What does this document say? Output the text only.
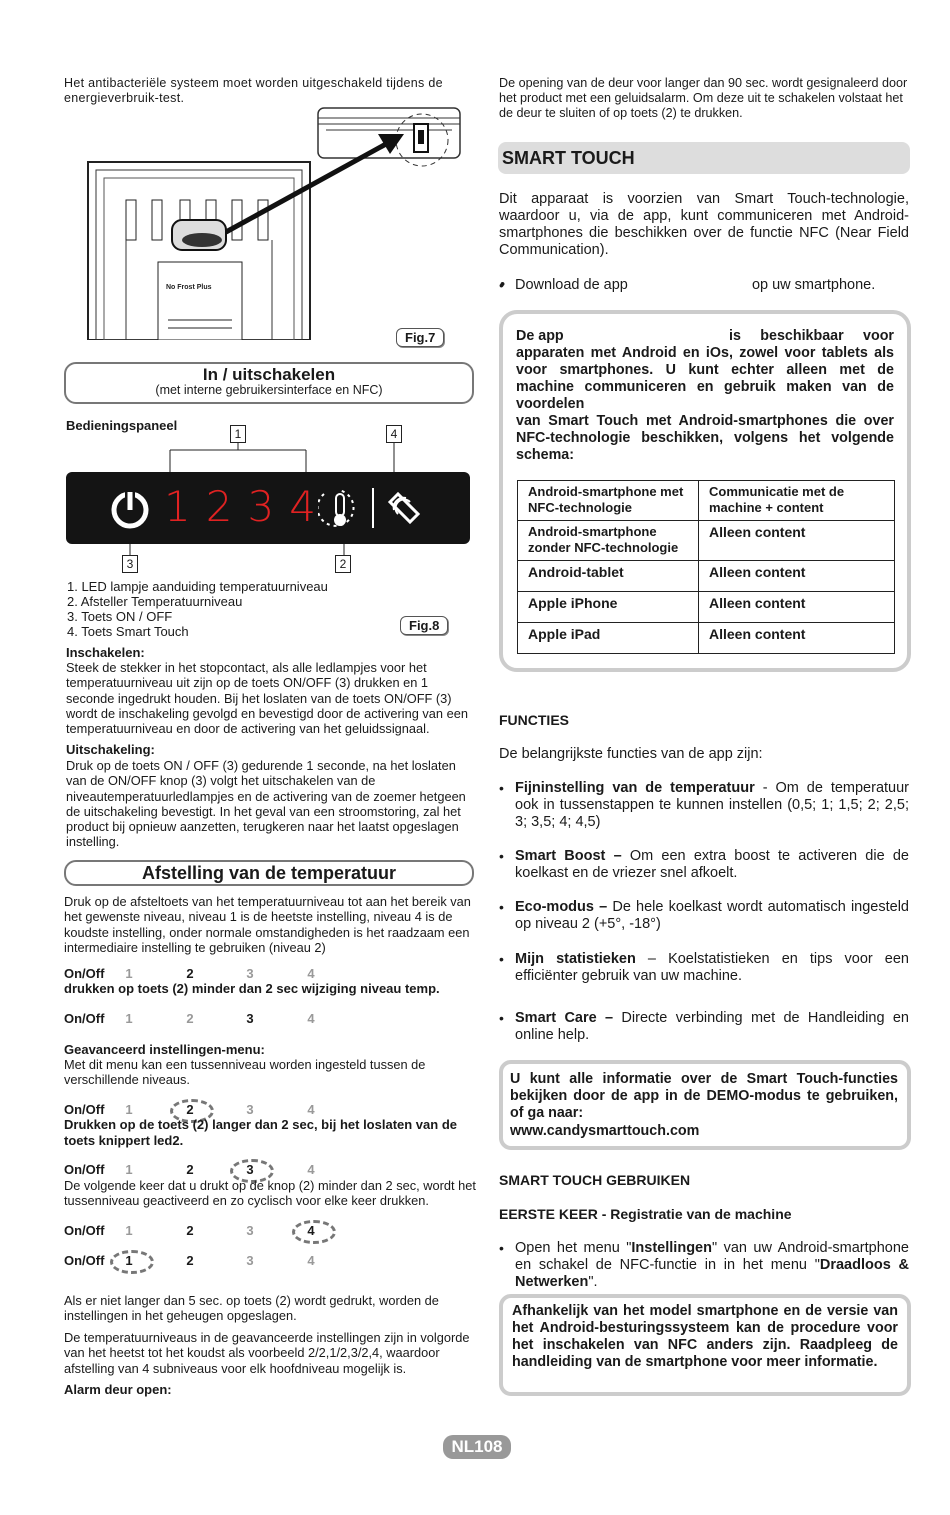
Het antibacteriële systeem moet worden uitgeschakeld tijdens de energieverbruik-test.
No Frost Plus
Fig.7
In / uitschakelen
(met interne gebruikersinterface en NFC)
Bedieningspaneel
1	4
1234
3	2
1. LED lampje aanduiding temperatuurniveau
2. Afsteller Temperatuurniveau
3. Toets ON / OFF
4. Toets Smart Touch	Fig.8
Inschakelen:
Steek de stekker in het stopcontact, als alle ledlampjes voor het temperatuurniveau uit zijn op de toets ON/OFF (3) drukken en 1 seconde ingedrukt houden. Bij het loslaten van de toets ON/OFF (3) wordt de inschakeling gevolgd en bevestigd door de activering van een temperatuurniveau en door de activering van het geluidssignaal.
Uitschakeling:
Druk op de toets ON / OFF (3) gedurende 1 seconde, na het loslaten van de ON/OFF knop (3) volgt het uitschakelen van de niveautemperatuurledlampjes en de activering van de zoemer hetgeen de uitschakeling bevestigt. In het geval van een stroomstoring, zal het product bij opnieuw aanzetten, terugkeren naar het laatst opgeslagen instelling.
Afstelling van de temperatuur
Druk op de afsteltoets van het temperatuurniveau tot aan het bereik van het gewenste niveau, niveau 1 is de heetste instelling, niveau 4 is de koudste instelling, onder normale omstandigheden is het raadzaam een intermediaire instelling te gebruiken (niveau 2)
On/Off	1	2	3	4
drukken op toets (2) minder dan 2 sec wijziging niveau temp.
On/Off	1	2	3	4
Geavanceerd instellingen-menu:
Met dit menu kan een tussenniveau worden ingesteld tussen de verschillende niveaus.
On/Off	1	2	3	4
Drukken op de toets (2) langer dan 2 sec, bij het loslaten van de toets knippert led2.
On/Off	1	2	3	4
De volgende keer dat u drukt op de knop (2) minder dan 2 sec, wordt het tussenniveau geactiveerd en zo cyclisch voor elke keer drukken.
On/Off	1	2	3	4
On/Off	1	2	3	4
Als er niet langer dan 5 sec. op toets (2) wordt gedrukt, worden de instellingen in het geheugen opgeslagen.
De temperatuurniveaus in de geavanceerde instellingen zijn in volgorde van het heetst tot het koudst als voorbeeld 2/2,1/2,3/2,4, waardoor afstelling van 4 subniveaus voor elk hoofdniveau mogelijk is.
Alarm deur open:
De opening van de deur voor langer dan 90 sec. wordt gesignaleerd door het product met een geluidsalarm. Om deze uit te schakelen volstaat het de deur te sluiten of op toets (2) te drukken.
SMART TOUCH
Dit apparaat is voorzien van Smart Touch-technologie, waardoor u, via de app, kunt communiceren met Android-smartphones die beschikken over de functie NFC (Near Field Communication).
Download de app	op uw smartphone.
•
De app	is beschikbaar voor apparaten met Android en iOs, zowel voor tablets als voor smartphones. U kunt echter alleen met de machine communiceren en gebruik maken van de voordelen
van Smart Touch met Android-smartphones die over NFC-technologie beschikken, volgens het volgende schema:
Android-smartphone met NFC-technologie	Communicatie met de machine + content
Android-smartphone zonder NFC-technologie	Alleen content
Android-tablet	Alleen content
Apple iPhone	Alleen content
Apple iPad	Alleen content
FUNCTIES
De belangrijkste functies van de app zijn:
• Fijninstelling van de temperatuur - Om de temperatuur ook in tussenstappen te kunnen instellen (0,5; 1; 1,5; 2; 2,5; 3; 3,5; 4; 4,5)
• Smart Boost – Om een extra boost te activeren die de koelkast en de vriezer snel afkoelt.
• Eco-modus – De hele koelkast wordt automatisch ingesteld op niveau 2 (+5°, -18°)
• Mijn statistieken – Koelstatistieken en tips voor een efficiënter gebruik van uw machine.
• Smart Care – Directe verbinding met de Handleiding en online help.
U kunt alle informatie over de Smart Touch-functies bekijken door de app in de DEMO-modus te gebruiken, of ga naar:
www.candysmarttouch.com
SMART TOUCH GEBRUIKEN
EERSTE KEER - Registratie van de machine
• Open het menu "Instellingen" van uw Android-smartphone en schakel de NFC-functie in in het menu "Draadloos & Netwerken".
Afhankelijk van het model smartphone en de versie van het Android-besturingssysteem kan de procedure voor het inschakelen van NFC anders zijn. Raadpleeg de handleiding van de smartphone voor meer informatie.
NL108
